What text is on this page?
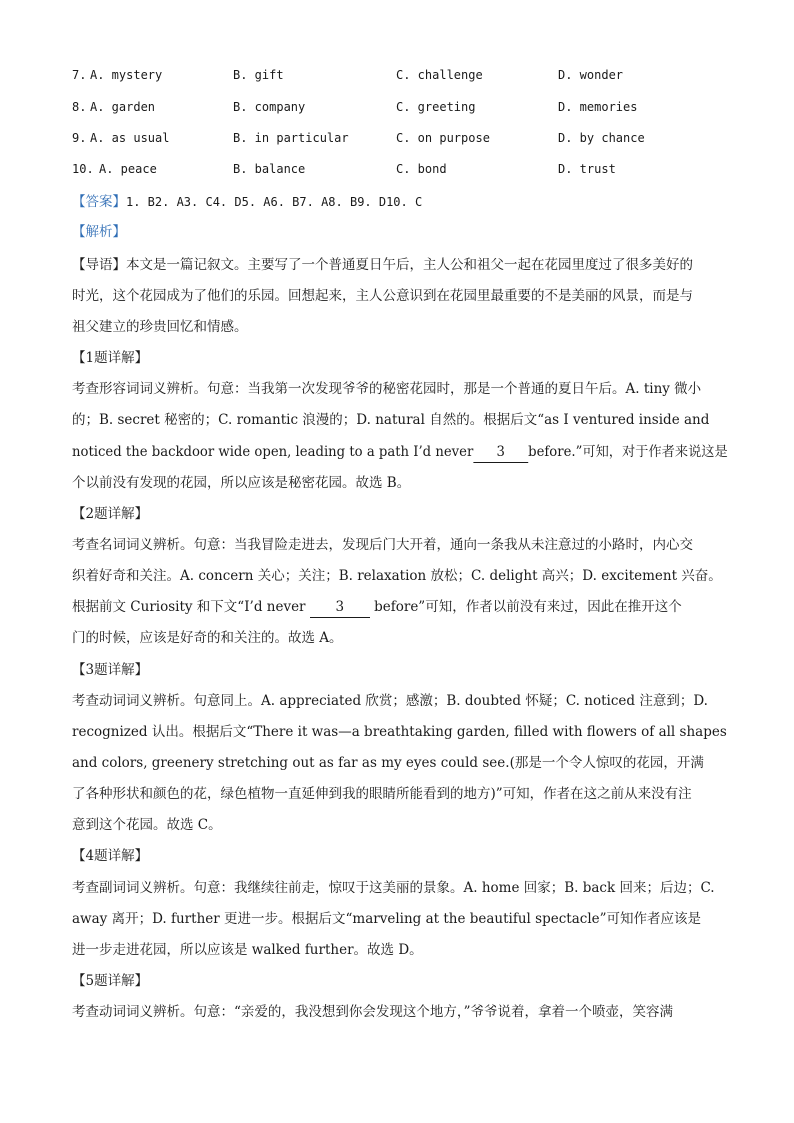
7. A. mystery	B. gift	C. challenge	D. wonder
8. A. garden	B. company	C. greeting	D. memories
9. A. as usual	B. in particular	C. on purpose	D. by chance
10. A. peace	B. balance	C. bond	D. trust
【答案】1. B2. A3. C4. D5. A6. B7. A8. B9. D10. C
【解析】
【导语】本文是一篇记叙文。主要写了一个普通夏日午后，主人公和祖父一起在花园里度过了很多美好的
时光，这个花园成为了他们的乐园。回想起来，主人公意识到在花园里最重要的不是美丽的风景，而是与
祖父建立的珍贵回忆和情感。
【1题详解】
考查形容词词义辨析。句意：当我第一次发现爷爷的秘密花园时，那是一个普通的夏日午后。A. tiny 微小
的；B. secret 秘密的；C. romantic 浪漫的；D. natural 自然的。根据后文“as I ventured inside and
noticed the backdoor wide open, leading to a path I’d never 3 before.”可知，对于作者来说这是
个以前没有发现的花园，所以应该是秘密花园。故选 B。
【2题详解】
考查名词词义辨析。句意：当我冒险走进去，发现后门大开着，通向一条我从未注意过的小路时，内心交
织着好奇和关注。A. concern 关心；关注；B. relaxation 放松；C. delight 高兴；D. excitement 兴奋。
根据前文 Curiosity 和下文“I’d never 3 before”可知，作者以前没有来过，因此在推开这个
门的时候，应该是好奇的和关注的。故选 A。
【3题详解】
考查动词词义辨析。句意同上。A. appreciated 欣赏；感激；B. doubted 怀疑；C. noticed 注意到；D.
recognized 认出。根据后文“There it was—a breathtaking garden, filled with flowers of all shapes
and colors, greenery stretching out as far as my eyes could see.(那是一个令人惊叹的花园，开满
了各种形状和颜色的花，绿色植物一直延伸到我的眼睛所能看到的地方)”可知，作者在这之前从来没有注
意到这个花园。故选 C。
【4题详解】
考查副词词义辨析。句意：我继续往前走，惊叹于这美丽的景象。A. home 回家；B. back 回来；后边；C.
away 离开；D. further 更进一步。根据后文“marveling at the beautiful spectacle”可知作者应该是
进一步走进花园，所以应该是 walked further。故选 D。
【5题详解】
考查动词词义辨析。句意：“亲爱的，我没想到你会发现这个地方，”爷爷说着，拿着一个喷壶，笑容满
